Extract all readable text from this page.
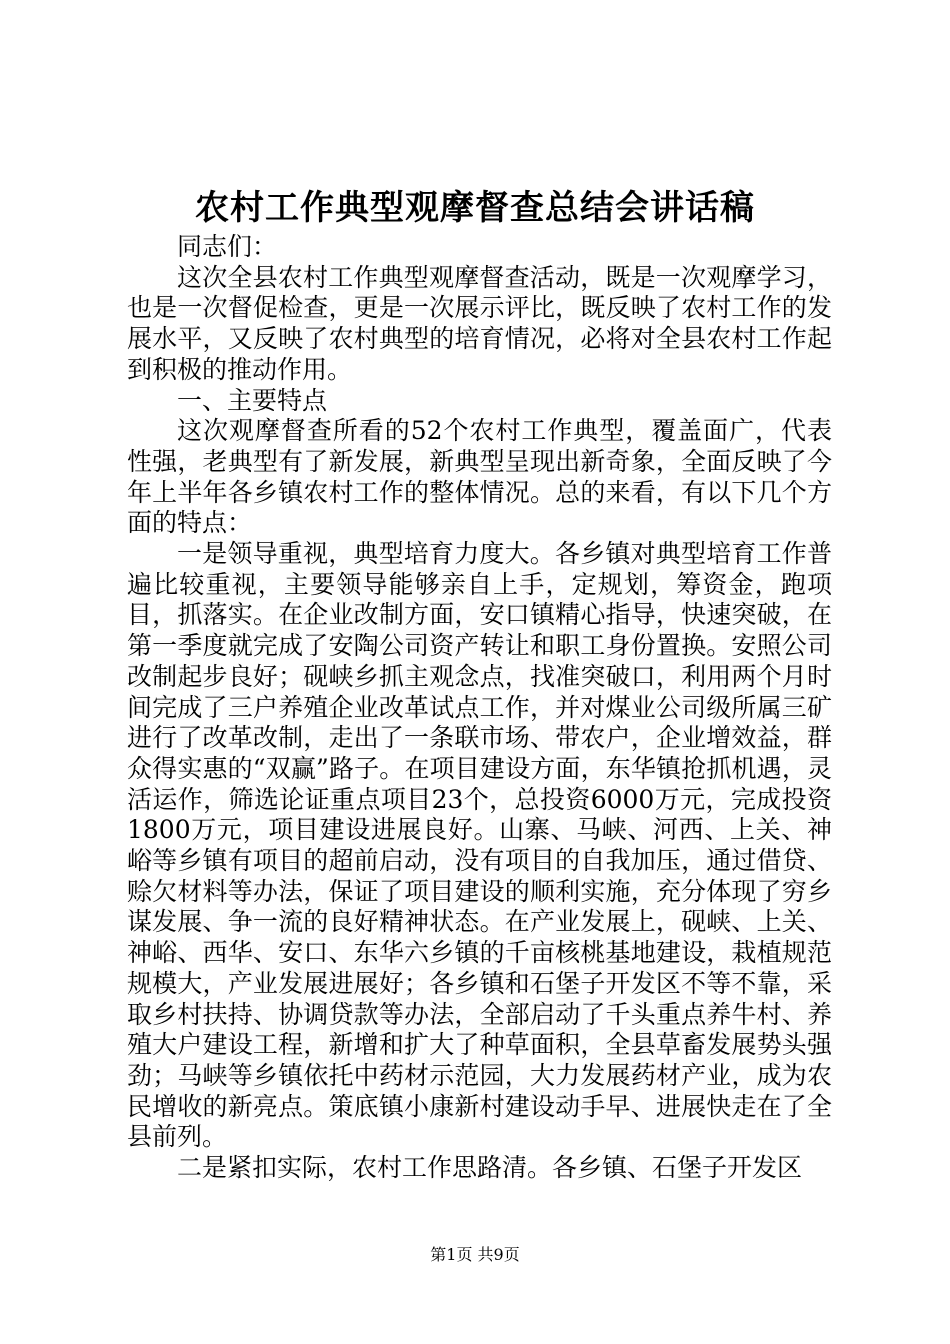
农村工作典型观摩督查总结会讲话稿

同志们：

这次全县农村工作典型观摩督查活动，既是一次观摩学习，也是一次督促检查，更是一次展示评比，既反映了农村工作的发展水平，又反映了农村典型的培育情况，必将对全县农村工作起到积极的推动作用。

一、主要特点

这次观摩督查所看的52个农村工作典型，覆盖面广，代表性强，老典型有了新发展，新典型呈现出新奇象，全面反映了今年上半年各乡镇农村工作的整体情况。总的来看，有以下几个方面的特点：

一是领导重视，典型培育力度大。各乡镇对典型培育工作普遍比较重视，主要领导能够亲自上手，定规划，筹资金，跑项目，抓落实。在企业改制方面，安口镇精心指导，快速突破，在第一季度就完成了安陶公司资产转让和职工身份置换。安照公司改制起步良好；砚峡乡抓主观念点，找准突破口，利用两个月时间完成了三户养殖企业改革试点工作，并对煤业公司级所属三矿进行了改革改制，走出了一条联市场、带农户，企业增效益，群众得实惠的“双赢”路子。在项目建设方面，东华镇抢抓机遇，灵活运作，筛选论证重点项目23个，总投资6000万元，完成投资1800万元，项目建设进展良好。山寨、马峡、河西、上关、神峪等乡镇有项目的超前启动，没有项目的自我加压，通过借贷、赊欠材料等办法，保证了项目建设的顺利实施，充分体现了穷乡谋发展、争一流的良好精神状态。在产业发展上，砚峡、上关、神峪、西华、安口、东华六乡镇的千亩核桃基地建设，栽植规范规模大，产业发展进展好；各乡镇和石堡子开发区不等不靠，采取乡村扶持、协调贷款等办法，全部启动了千头重点养牛村、养殖大户建设工程，新增和扩大了种草面积，全县草畜发展势头强劲；马峡等乡镇依托中药材示范园，大力发展药材产业，成为农民增收的新亮点。策底镇小康新村建设动手早、进展快走在了全县前列。

二是紧扣实际，农村工作思路清。各乡镇、石堡子开发区

第1页 共9页
